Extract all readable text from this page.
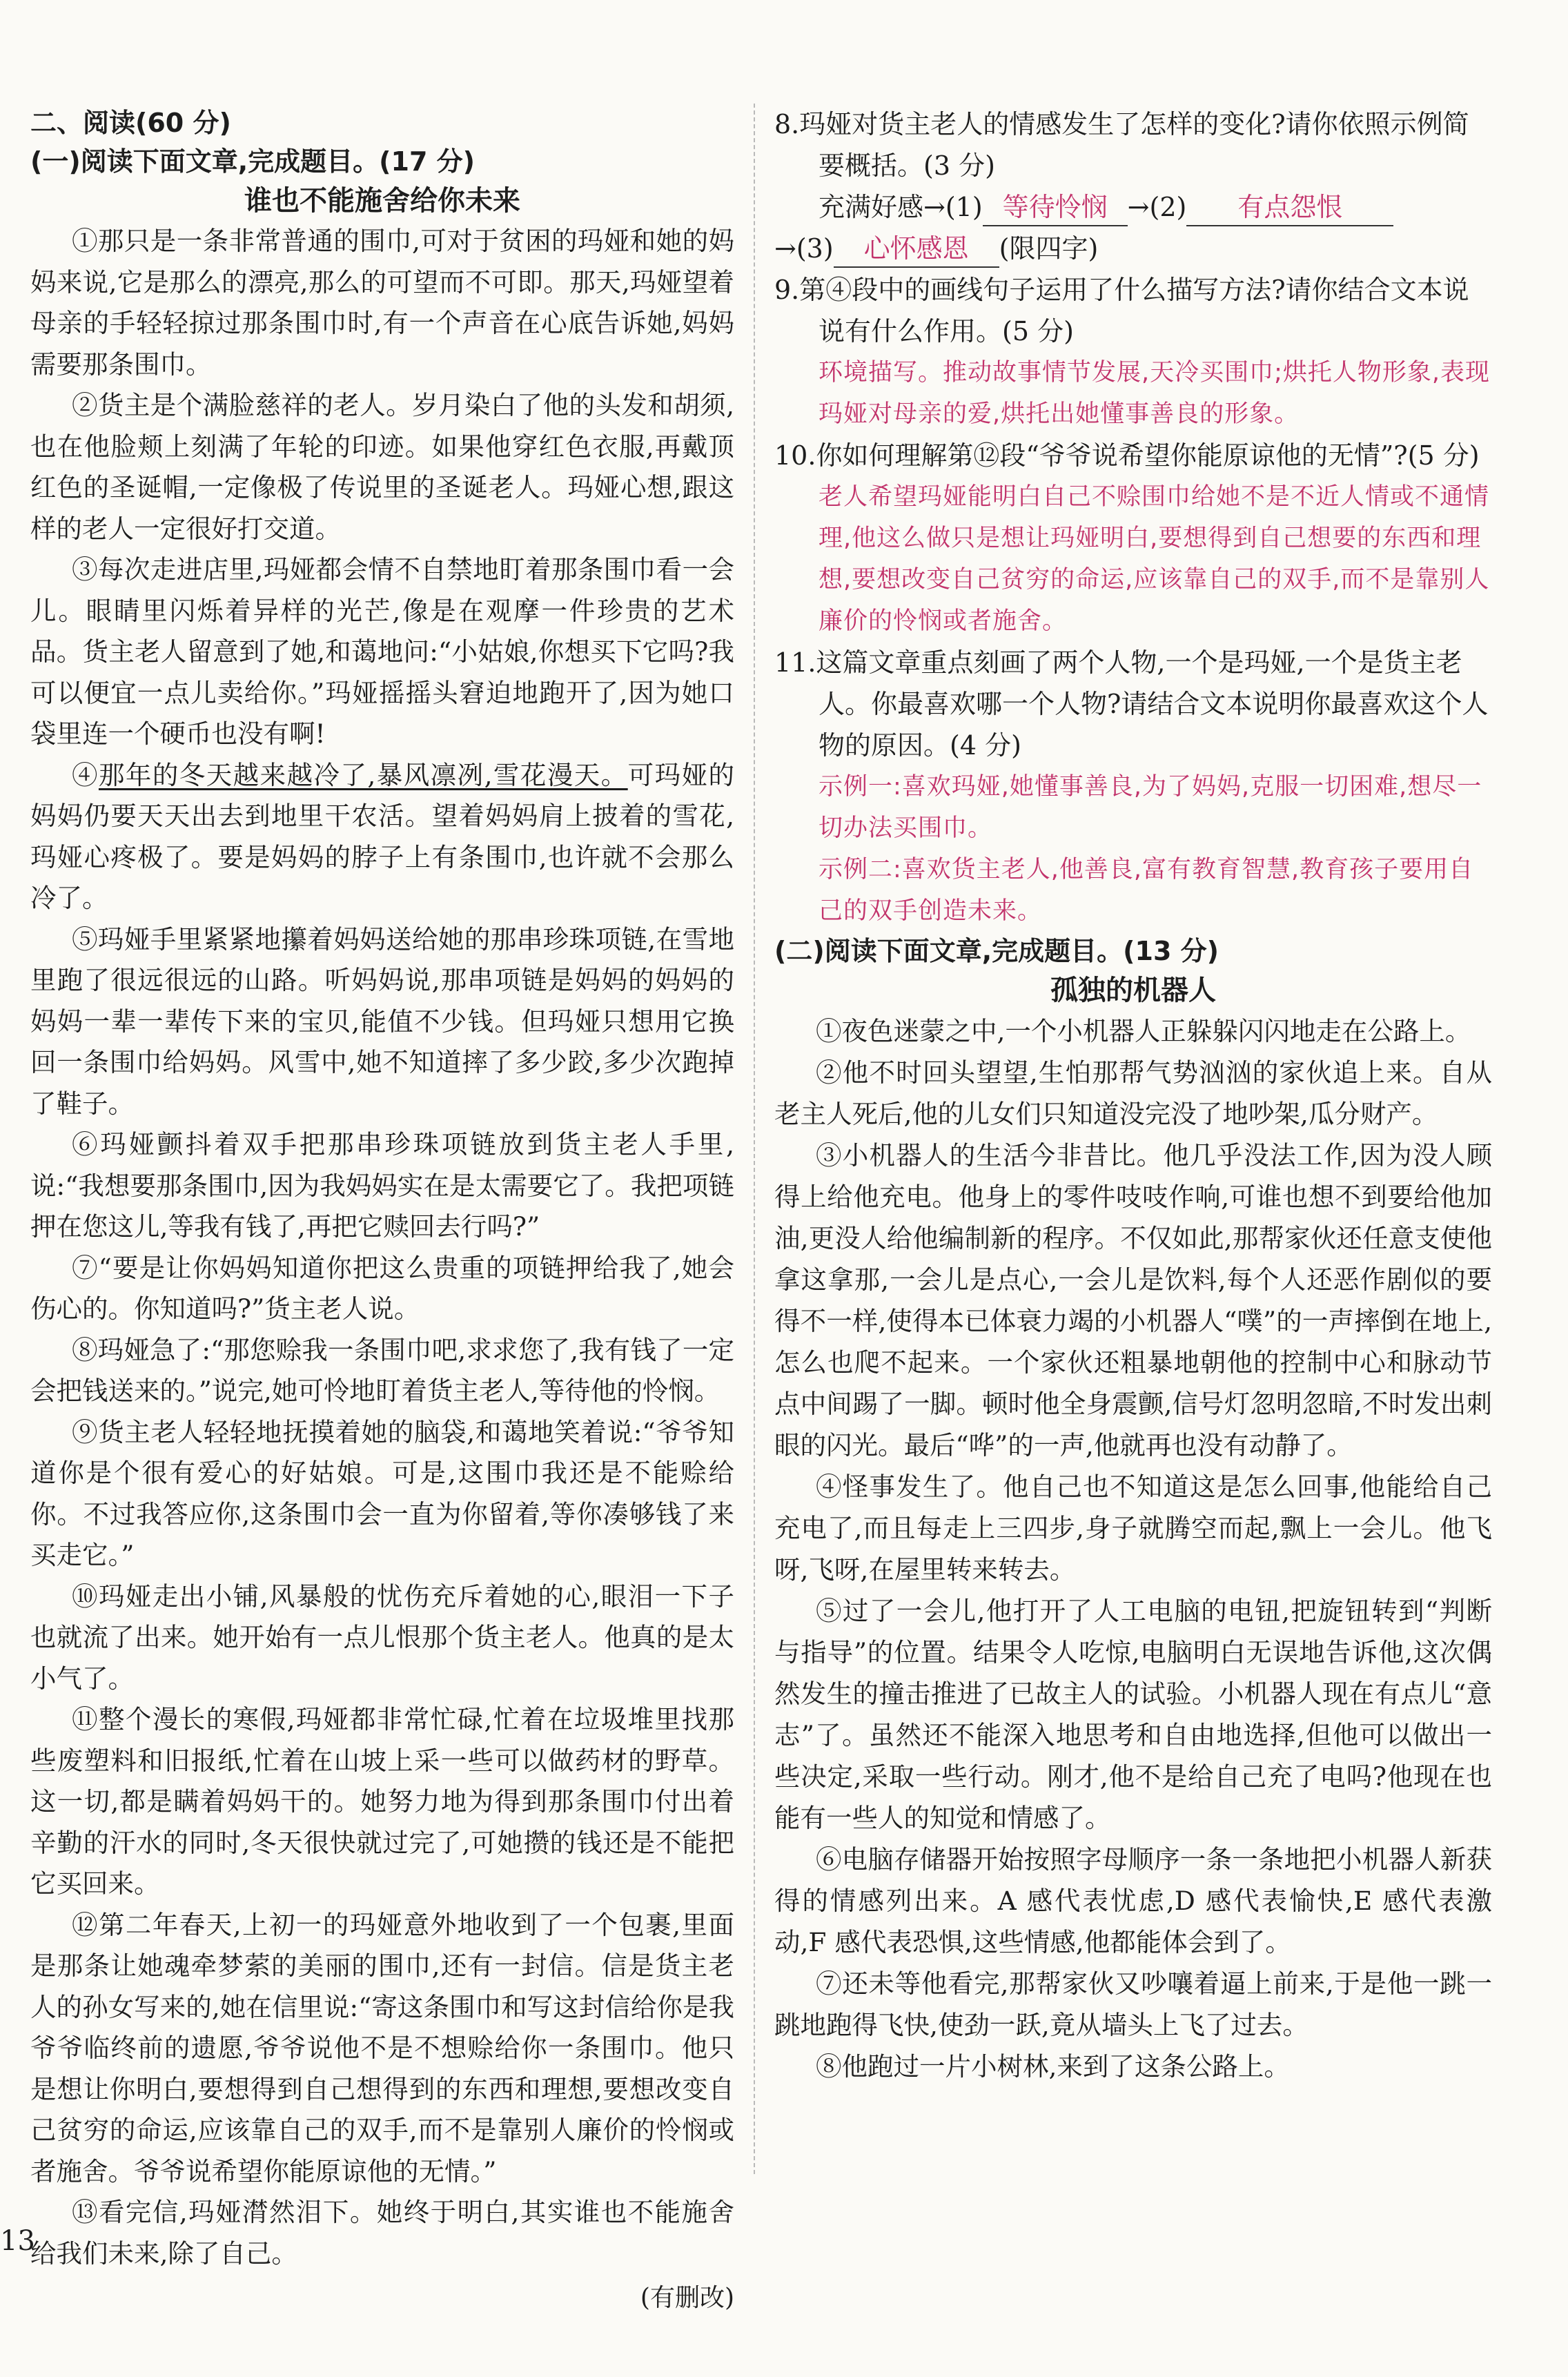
二、阅读(60 分)

(一)阅读下面文章,完成题目。(17 分)

谁也不能施舍给你未来

①那只是一条非常普通的围巾,可对于贫困的玛娅和她的妈妈来说,它是那么的漂亮,那么的可望而不可即。那天,玛娅望着母亲的手轻轻掠过那条围巾时,有一个声音在心底告诉她,妈妈需要那条围巾。

②货主是个满脸慈祥的老人。岁月染白了他的头发和胡须,也在他脸颊上刻满了年轮的印迹。如果他穿红色衣服,再戴顶红色的圣诞帽,一定像极了传说里的圣诞老人。玛娅心想,跟这样的老人一定很好打交道。

③每次走进店里,玛娅都会情不自禁地盯着那条围巾看一会儿。眼睛里闪烁着异样的光芒,像是在观摩一件珍贵的艺术品。货主老人留意到了她,和蔼地问:“小姑娘,你想买下它吗?我可以便宜一点儿卖给你。”玛娅摇摇头窘迫地跑开了,因为她口袋里连一个硬币也没有啊!

④那年的冬天越来越冷了,暴风凛冽,雪花漫天。可玛娅的妈妈仍要天天出去到地里干农活。望着妈妈肩上披着的雪花,玛娅心疼极了。要是妈妈的脖子上有条围巾,也许就不会那么冷了。

⑤玛娅手里紧紧地攥着妈妈送给她的那串珍珠项链,在雪地里跑了很远很远的山路。听妈妈说,那串项链是妈妈的妈妈的妈妈一辈一辈传下来的宝贝,能值不少钱。但玛娅只想用它换回一条围巾给妈妈。风雪中,她不知道摔了多少跤,多少次跑掉了鞋子。

⑥玛娅颤抖着双手把那串珍珠项链放到货主老人手里,说:“我想要那条围巾,因为我妈妈实在是太需要它了。我把项链押在您这儿,等我有钱了,再把它赎回去行吗?”

⑦“要是让你妈妈知道你把这么贵重的项链押给我了,她会伤心的。你知道吗?”货主老人说。

⑧玛娅急了:“那您赊我一条围巾吧,求求您了,我有钱了一定会把钱送来的。”说完,她可怜地盯着货主老人,等待他的怜悯。

⑨货主老人轻轻地抚摸着她的脑袋,和蔼地笑着说:“爷爷知道你是个很有爱心的好姑娘。可是,这围巾我还是不能赊给你。不过我答应你,这条围巾会一直为你留着,等你凑够钱了来买走它。”

⑩玛娅走出小铺,风暴般的忧伤充斥着她的心,眼泪一下子也就流了出来。她开始有一点儿恨那个货主老人。他真的是太小气了。

⑪整个漫长的寒假,玛娅都非常忙碌,忙着在垃圾堆里找那些废塑料和旧报纸,忙着在山坡上采一些可以做药材的野草。这一切,都是瞒着妈妈干的。她努力地为得到那条围巾付出着辛勤的汗水的同时,冬天很快就过完了,可她攒的钱还是不能把它买回来。

⑫第二年春天,上初一的玛娅意外地收到了一个包裹,里面是那条让她魂牵梦萦的美丽的围巾,还有一封信。信是货主老人的孙女写来的,她在信里说:“寄这条围巾和写这封信给你是我爷爷临终前的遗愿,爷爷说他不是不想赊给你一条围巾。他只是想让你明白,要想得到自己想得到的东西和理想,要想改变自己贫穷的命运,应该靠自己的双手,而不是靠别人廉价的怜悯或者施舍。爷爷说希望你能原谅他的无情。”

⑬看完信,玛娅潸然泪下。她终于明白,其实谁也不能施舍给我们未来,除了自己。

(有删改)

8.玛娅对货主老人的情感发生了怎样的变化?请你依照示例简要概括。(3 分)

充满好感→(1) 等待怜悯 →(2) 有点怨恨
→(3) 心怀感恩 (限四字)

9.第④段中的画线句子运用了什么描写方法?请你结合文本说说有什么作用。(5 分)

环境描写。推动故事情节发展,天冷买围巾;烘托人物形象,表现玛娅对母亲的爱,烘托出她懂事善良的形象。

10.你如何理解第⑫段“爷爷说希望你能原谅他的无情”?(5 分)

老人希望玛娅能明白自己不赊围巾给她不是不近人情或不通情理,他这么做只是想让玛娅明白,要想得到自己想要的东西和理想,要想改变自己贫穷的命运,应该靠自己的双手,而不是靠别人廉价的怜悯或者施舍。

11.这篇文章重点刻画了两个人物,一个是玛娅,一个是货主老人。你最喜欢哪一个人物?请结合文本说明你最喜欢这个人物的原因。(4 分)

示例一:喜欢玛娅,她懂事善良,为了妈妈,克服一切困难,想尽一切办法买围巾。

示例二:喜欢货主老人,他善良,富有教育智慧,教育孩子要用自己的双手创造未来。

(二)阅读下面文章,完成题目。(13 分)

孤独的机器人

①夜色迷蒙之中,一个小机器人正躲躲闪闪地走在公路上。

②他不时回头望望,生怕那帮气势汹汹的家伙追上来。自从老主人死后,他的儿女们只知道没完没了地吵架,瓜分财产。

③小机器人的生活今非昔比。他几乎没法工作,因为没人顾得上给他充电。他身上的零件吱吱作响,可谁也想不到要给他加油,更没人给他编制新的程序。不仅如此,那帮家伙还任意支使他拿这拿那,一会儿是点心,一会儿是饮料,每个人还恶作剧似的要得不一样,使得本已体衰力竭的小机器人“噗”的一声摔倒在地上,怎么也爬不起来。一个家伙还粗暴地朝他的控制中心和脉动节点中间踢了一脚。顿时他全身震颤,信号灯忽明忽暗,不时发出刺眼的闪光。最后“哗”的一声,他就再也没有动静了。

④怪事发生了。他自己也不知道这是怎么回事,他能给自己充电了,而且每走上三四步,身子就腾空而起,飘上一会儿。他飞呀,飞呀,在屋里转来转去。

⑤过了一会儿,他打开了人工电脑的电钮,把旋钮转到“判断与指导”的位置。结果令人吃惊,电脑明白无误地告诉他,这次偶然发生的撞击推进了已故主人的试验。小机器人现在有点儿“意志”了。虽然还不能深入地思考和自由地选择,但他可以做出一些决定,采取一些行动。刚才,他不是给自己充了电吗?他现在也能有一些人的知觉和情感了。

⑥电脑存储器开始按照字母顺序一条一条地把小机器人新获得的情感列出来。A 感代表忧虑,D 感代表愉快,E 感代表激动,F 感代表恐惧,这些情感,他都能体会到了。

⑦还未等他看完,那帮家伙又吵嚷着逼上前来,于是他一跳一跳地跑得飞快,使劲一跃,竟从墙头上飞了过去。

⑧他跑过一片小树林,来到了这条公路上。

13
